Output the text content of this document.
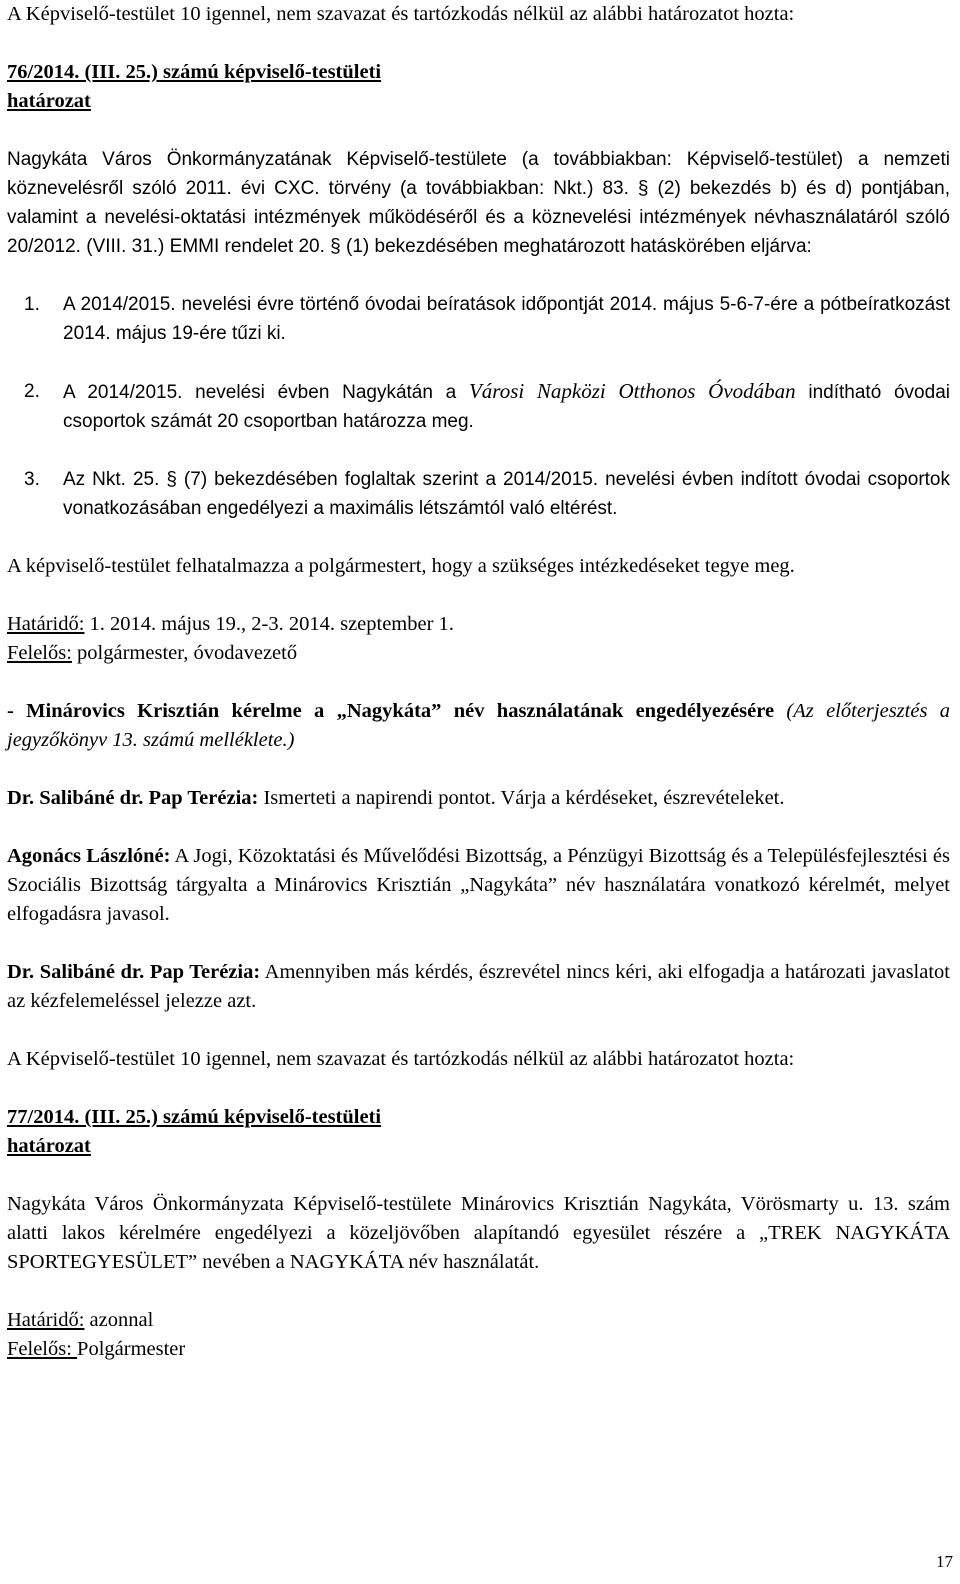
A Képviselő-testület 10 igennel, nem szavazat és tartózkodás nélkül az alábbi határozatot hozta:

76/2014. (III. 25.) számú képviselő-testületi
határozat

Nagykáta Város Önkormányzatának Képviselő-testülete (a továbbiakban: Képviselő-testület) a nemzeti köznevelésről szóló 2011. évi CXC. törvény (a továbbiakban: Nkt.) 83. § (2) bekezdés b) és d) pontjában, valamint a nevelési-oktatási intézmények működéséről és a köznevelési intézmények névhasználatáról szóló 20/2012. (VIII. 31.) EMMI rendelet 20. § (1) bekezdésében meghatározott hatáskörében eljárva:

1.	A 2014/2015. nevelési évre történő óvodai beíratások időpontját 2014. május 5-6-7-ére a pótbeíratkozást 2014. május 19-ére tűzi ki.
2.	A 2014/2015. nevelési évben Nagykátán a Városi Napközi Otthonos Óvodában indítható óvodai csoportok számát 20 csoportban határozza meg.
3.	Az Nkt. 25. § (7) bekezdésében foglaltak szerint a 2014/2015. nevelési évben indított óvodai csoportok vonatkozásában engedélyezi a maximális létszámtól való eltérést.

A képviselő-testület felhatalmazza a polgármestert, hogy a szükséges intézkedéseket tegye meg.

Határidő: 1. 2014. május 19., 2-3. 2014. szeptember 1.

Felelős: polgármester, óvodavezető

- Minárovics Krisztián kérelme a „Nagykáta” név használatának engedélyezésére (Az előterjesztés a jegyzőkönyv 13. számú melléklete.)

Dr. Salibáné dr. Pap Terézia: Ismerteti a napirendi pontot. Várja a kérdéseket, észrevételeket.

Agonács Lászlóné: A Jogi, Közoktatási és Művelődési Bizottság, a Pénzügyi Bizottság és a Településfejlesztési és Szociális Bizottság tárgyalta a Minárovics Krisztián „Nagykáta” név használatára vonatkozó kérelmét, melyet elfogadásra javasol.

Dr. Salibáné dr. Pap Terézia: Amennyiben más kérdés, észrevétel nincs kéri, aki elfogadja a határozati javaslatot az kézfelemeléssel jelezze azt.

A Képviselő-testület 10 igennel, nem szavazat és tartózkodás nélkül az alábbi határozatot hozta:

77/2014. (III. 25.) számú képviselő-testületi
határozat

Nagykáta Város Önkormányzata Képviselő-testülete Minárovics Krisztián Nagykáta, Vörösmarty u. 13. szám alatti lakos kérelmére engedélyezi a közeljövőben alapítandó egyesület részére a „TREK NAGYKÁTA SPORTEGYESÜLET” nevében a NAGYKÁTA név használatát.

Határidő: azonnal

Felelős: Polgármester

17
